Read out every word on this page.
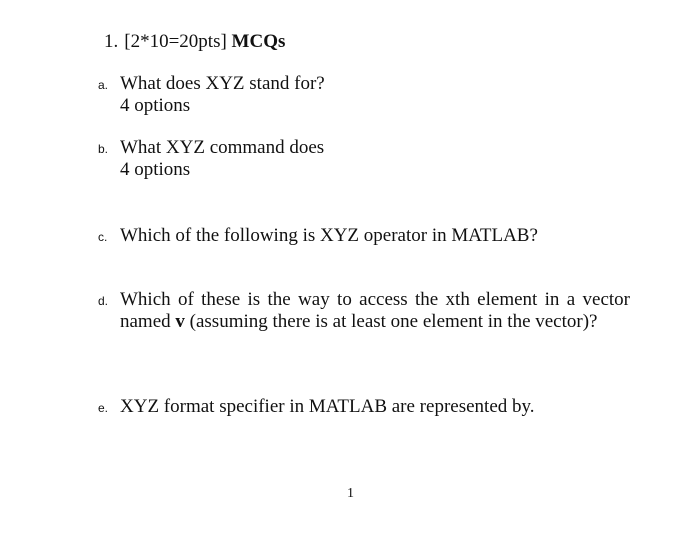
1. [2*10=20pts] MCQs
a. What does XYZ stand for?
4 options
b. What XYZ command does
4 options
c. Which of the following is XYZ operator in MATLAB?
d. Which of these is the way to access the xth element in a vector
named v (assuming there is at least one element in the vector)?
e. XYZ format specifier in MATLAB are represented by.
1
